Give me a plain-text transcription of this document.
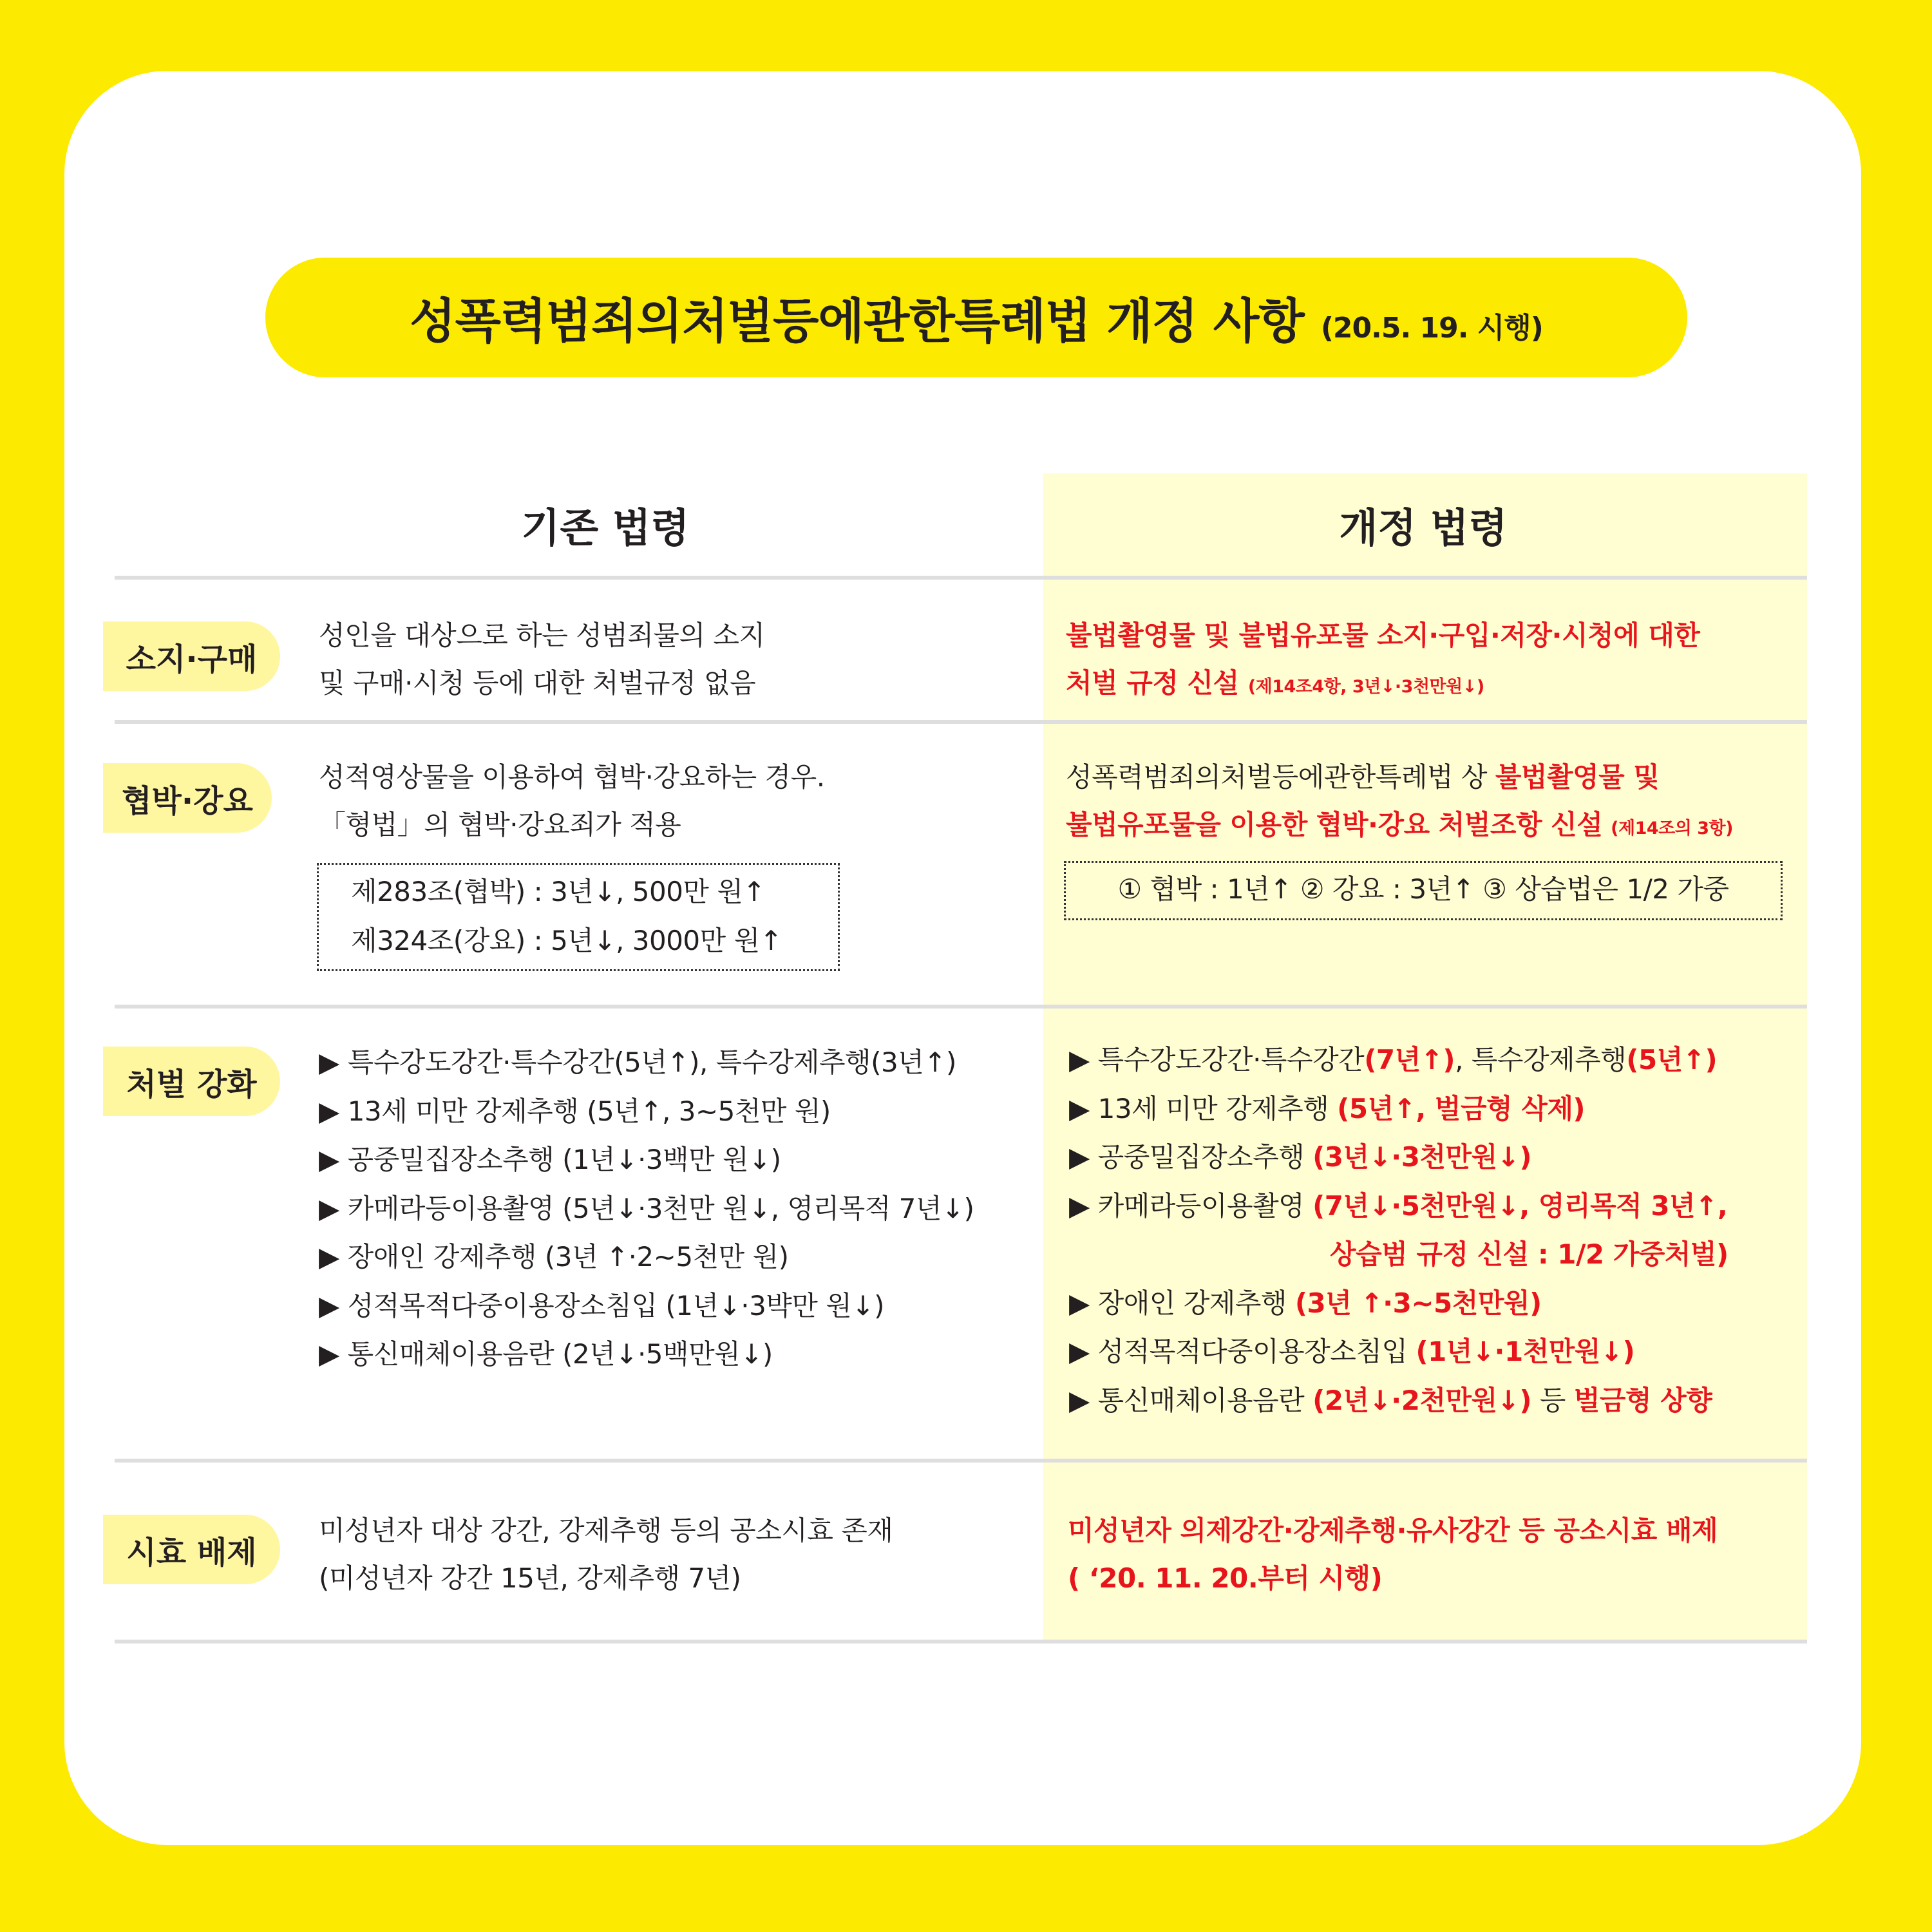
성폭력범죄의처벌등에관한특례법 개정 사항 (20.5. 19. 시행)
기존 법령	개정 법령
소지·구매

성인을 대상으로 하는 성범죄물의 소지

및 구매·시청 등에 대한 처벌규정 없음

불법촬영물 및 불법유포물 소지·구입·저장·시청에 대한

처벌 규정 신설 (제14조4항, 3년↓·3천만원↓)

협박·강요

성적영상물을 이용하여 협박·강요하는 경우.

「형법」의 협박·강요죄가 적용

제283조(협박) : 3년↓, 500만 원↑

제324조(강요) : 5년↓, 3000만 원↑

성폭력범죄의처벌등에관한특례법 상 불법촬영물 및

불법유포물을 이용한 협박·강요 처벌조항 신설 (제14조의 3항)

① 협박 : 1년↑ ② 강요 : 3년↑ ③ 상습법은 1/2 가중
처벌 강화

▶ 특수강도강간·특수강간(5년↑), 특수강제추행(3년↑)

▶ 13세 미만 강제추행 (5년↑, 3~5천만 원)

▶ 공중밀집장소추행 (1년↓·3백만 원↓)

▶ 카메라등이용촬영 (5년↓·3천만 원↓, 영리목적 7년↓)

▶ 장애인 강제추행 (3년 ↑·2~5천만 원)

▶ 성적목적다중이용장소침입 (1년↓·3뱍만 원↓)

▶ 통신매체이용음란 (2년↓·5백만원↓)

▶ 특수강도강간·특수강간(7년↑), 특수강제추행(5년↑)

▶ 13세 미만 강제추행 (5년↑, 벌금형 삭제)

▶ 공중밀집장소추행 (3년↓·3천만원↓)

▶ 카메라등이용촬영 (7년↓·5천만원↓, 영리목적 3년↑,

상습범 규정 신설 : 1/2 가중처벌)

▶ 장애인 강제추행 (3년 ↑·3~5천만원)

▶ 성적목적다중이용장소침입 (1년↓·1천만원↓)

▶ 통신매체이용음란 (2년↓·2천만원↓) 등 벌금형 상향

시효 배제

미성년자 대상 강간, 강제추행 등의 공소시효 존재

(미성년자 강간 15년, 강제추행 7년)

미성년자 의제강간·강제추행·유사강간 등 공소시효 배제

( ‘20. 11. 20.부터 시행)
